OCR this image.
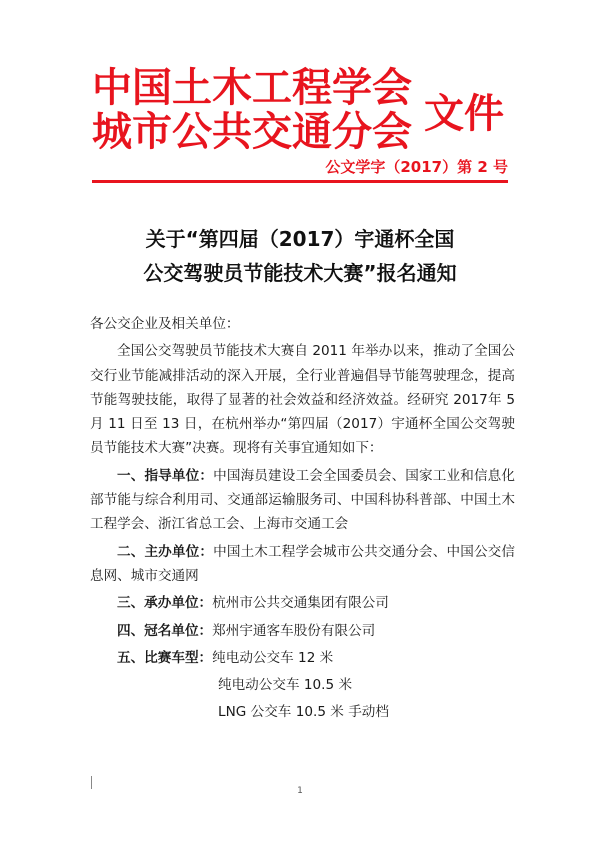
中国土木工程学会
城市公共交通分会 文件
公文学字（2017）第 2 号
关于“第四届（2017）宇通杯全国
公交驾驶员节能技术大赛”报名通知
各公交企业及相关单位：
全国公交驾驶员节能技术大赛自 2011 年举办以来，推动了全国公交行业节能减排活动的深入开展，全行业普遍倡导节能驾驶理念，提高节能驾驶技能，取得了显著的社会效益和经济效益。经研究 2017年 5 月 11 日至 13 日，在杭州举办“第四届（2017）宇通杯全国公交驾驶员节能技术大赛”决赛。现将有关事宜通知如下：
一、指导单位：中国海员建设工会全国委员会、国家工业和信息化部节能与综合利用司、交通部运输服务司、中国科协科普部、中国土木工程学会、浙江省总工会、上海市交通工会
二、主办单位：中国土木工程学会城市公共交通分会、中国公交信息网、城市交通网
三、承办单位：杭州市公共交通集团有限公司
四、冠名单位：郑州宇通客车股份有限公司
五、比赛车型：纯电动公交车 12 米
纯电动公交车 10.5 米
LNG 公交车 10.5 米 手动档
1
